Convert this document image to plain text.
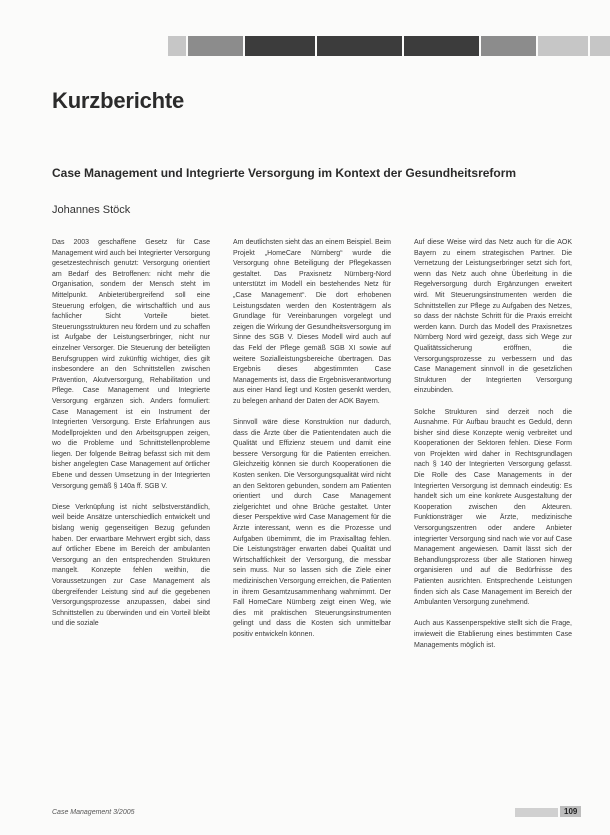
Kurzberichte
Case Management und Integrierte Versorgung im Kontext der Gesundheitsreform
Johannes Stöck

Das 2003 geschaffene Gesetz für Case Management wird auch bei Integrierter Versorgung gesetzestechnisch genutzt: Versorgung orientiert am Bedarf des Betroffenen: nicht mehr die Organisation, sondern der Mensch steht im Mittelpunkt. Anbieterübergreifend soll eine Steuerung erfolgen, die wirtschaftlich und aus fachlicher Sicht Vorteile bietet. Steuerungsstrukturen neu fördern und zu schaffen ist Aufgabe der Leistungserbringer, nicht nur einzelner Versorger. Die Steuerung der beteiligten Berufsgruppen wird zukünftig wichtiger, dies gilt insbesondere an den Schnittstellen zwischen Prävention, Akutversorgung, Rehabilitation und Pflege. Case Management und Integrierte Versorgung ergänzen sich. Anders formuliert: Case Management ist ein Instrument der Integrierten Versorgung. Erste Erfahrungen aus Modellprojekten und den Arbeitsgruppen zeigen, wo die Probleme und Schnittstellenprobleme liegen. Der folgende Beitrag befasst sich mit dem bisher angelegten Case Management auf örtlicher Ebene und dessen Umsetzung in der Integrierten Versorgung gemäß § 140a ff. SGB V.

Diese Verknüpfung ist nicht selbstverständlich, weil beide Ansätze unterschiedlich entwickelt und bislang wenig gegenseitigen Bezug gefunden haben. Der erwartbare Mehrwert ergibt sich, dass auf örtlicher Ebene im Bereich der ambulanten Versorgung an den entsprechenden Strukturen mangelt. Konzepte fehlen weithin, die Voraussetzungen zur Case Management als übergreifender Leistung sind auf die gegebenen Versorgungsprozesse anzupassen, dabei sind Schnittstellen zu überwinden und ein Vorteil bleibt und die soziale

Am deutlichsten sieht das an einem Beispiel. Beim Projekt „HomeCare Nürnberg“ wurde die Versorgung ohne Beteiligung der Pflegekassen gestaltet. Das Praxisnetz Nürnberg-Nord unterstützt im Modell ein bestehendes Netz für „Case Management“. Die dort erhobenen Leistungsdaten werden den Kostenträgern als Grundlage für Vereinbarungen vorgelegt und zeigen die Wirkung der Gesundheitsversorgung im Sinne des SGB V. Dieses Modell wird auch auf das Feld der Pflege gemäß SGB XI sowie auf weitere Sozialleistungsbereiche übertragen. Das Ergebnis dieses abgestimmten Case Managements ist, dass die Ergebnisverantwortung aus einer Hand liegt und Kosten gesenkt werden, zu belegen anhand der Daten der AOK Bayern.

Sinnvoll wäre diese Konstruktion nur dadurch, dass die Ärzte über die Patientendaten auch die Qualität und Effizienz steuern und damit eine bessere Versorgung für die Patienten erreichen. Gleichzeitig können sie durch Kooperationen die Kosten senken. Die Versorgungsqualität wird nicht an den Sektoren gebunden, sondern am Patienten orientiert und durch Case Management zielgerichtet und ohne Brüche gestaltet. Unter dieser Perspektive wird Case Management für die Ärzte interessant, wenn es die Prozesse und Aufgaben übernimmt, die im Praxisalltag fehlen. Die Leistungsträger erwarten dabei Qualität und Wirtschaftlichkeit der Versorgung, die messbar sein muss. Nur so lassen sich die Ziele einer medizinischen Versorgung erreichen, die Patienten in ihrem Gesamtzusammenhang wahrnimmt. Der Fall HomeCare Nürnberg zeigt einen Weg, wie dies mit praktischen Steuerungsinstrumenten gelingt und dass die Kosten sich unmittelbar positiv entwickeln können.

Auf diese Weise wird das Netz auch für die AOK Bayern zu einem strategischen Partner. Die Vernetzung der Leistungserbringer setzt sich fort, wenn das Netz auch ohne Überleitung in die Regelversorgung durch Ergänzungen erweitert wird. Mit Steuerungsinstrumenten werden die Schnittstellen zur Pflege zu Aufgaben des Netzes, so dass der nächste Schritt für die Praxis erreicht werden kann. Durch das Modell des Praxisnetzes Nürnberg Nord wird gezeigt, dass sich Wege zur Qualitätssicherung eröffnen, die Versorgungsprozesse zu verbessern und das Case Management sinnvoll in die gesetzlichen Strukturen der Integrierten Versorgung einzubinden.

Solche Strukturen sind derzeit noch die Ausnahme. Für Aufbau braucht es Geduld, denn bisher sind diese Konzepte wenig verbreitet und Kooperationen der Sektoren fehlen. Diese Form von Projekten wird daher in Rechtsgrundlagen nach § 140 der Integrierten Versorgung gefasst. Die Rolle des Case Managements in der Integrierten Versorgung ist demnach eindeutig: Es handelt sich um eine konkrete Ausgestaltung der Kooperation zwischen den Akteuren. Funktionsträger wie Ärzte, medizinische Versorgungszentren oder andere Anbieter integrierter Versorgung sind nach wie vor auf Case Management angewiesen. Damit lässt sich der Behandlungsprozess über alle Stationen hinweg organisieren und auf die Bedürfnisse des Patienten ausrichten. Entsprechende Leistungen finden sich als Case Management im Bereich der Ambulanten Versorgung zunehmend.

Auch aus Kassenperspektive stellt sich die Frage, inwieweit die Etablierung eines bestimmten Case Managements möglich ist.

Case Management 3/2005	109
